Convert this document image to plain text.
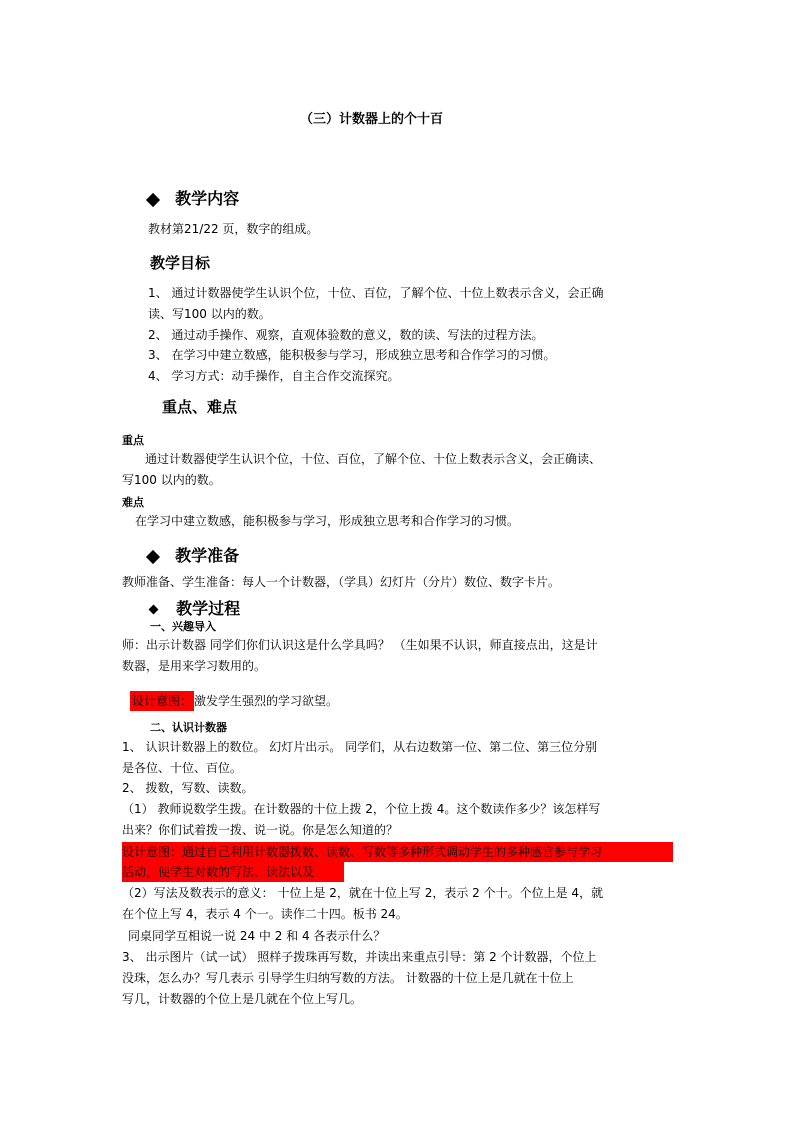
（三）计数器上的个十百
教学内容
教材第21/22 页，数字的组成。
教学目标
1、 通过计数器使学生认识个位，十位、百位，了解个位、十位上数表示含义，会正确
读、写100 以内的数。
2、 通过动手操作、观察，直观体验数的意义，数的读、写法的过程方法。
3、 在学习中建立数感，能积极参与学习，形成独立思考和合作学习的习惯。
4、 学习方式：动手操作，自主合作交流探究。
重点、难点
重点
通过计数器使学生认识个位，十位、百位，了解个位、十位上数表示含义，会正确读、
写100 以内的数。
难点
在学习中建立数感，能积极参与学习，形成独立思考和合作学习的习惯。
教学准备
教师准备、学生准备：每人一个计数器，（学具）幻灯片（分片）数位、数字卡片。
教学过程
一、兴趣导入
师：出示计数器 同学们你们认识这是什么学具吗？ （生如果不认识，师直接点出，这是计
数器，是用来学习数用的。
设计意图： 激发学生强烈的学习欲望。
二、认识计数器
1、 认识计数器上的数位。 幻灯片出示。 同学们，从右边数第一位、第二位、第三位分别
是各位、十位、百位。
2、 拨数，写数、读数。
（1） 教师说数学生拨。在计数器的十位上拨 2，个位上拨 4。这个数读作多少？该怎样写
出来？你们试着拨一拨、说一说。你是怎么知道的？
设计意图：通过自己利用计数器拨数、读数、写数等多种形式调动学生的多种感官参与学习
活动，使学生对数的写法、读法以及
（2）写法及数表示的意义： 十位上是 2，就在十位上写 2，表示 2 个十。个位上是 4，就
在个位上写 4，表示 4 个一。读作二十四。板书 24。
同桌同学互相说一说 24 中 2 和 4 各表示什么？
3、 出示图片（试一试） 照样子拨珠再写数，并读出来重点引导：第 2 个计数器，个位上
没珠，怎么办？写几表示 引导学生归纳写数的方法。 计数器的十位上是几就在十位上
写几，计数器的个位上是几就在个位上写几。
